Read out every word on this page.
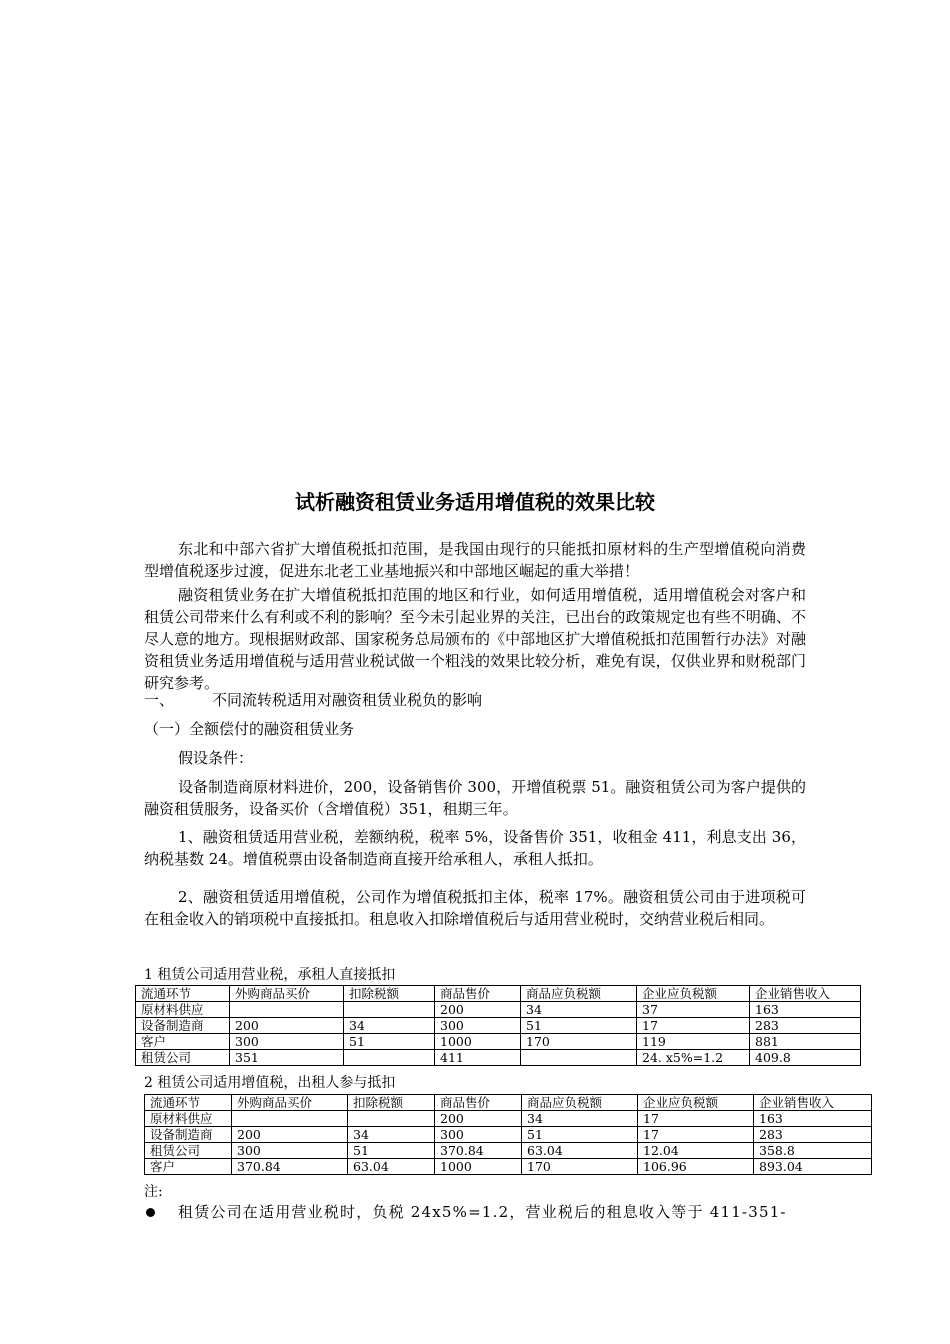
试析融资租赁业务适用增值税的效果比较
东北和中部六省扩大增值税抵扣范围，是我国由现行的只能抵扣原材料的生产型增值税向消费型增值税逐步过渡，促进东北老工业基地振兴和中部地区崛起的重大举措！
融资租赁业务在扩大增值税抵扣范围的地区和行业，如何适用增值税，适用增值税会对客户和租赁公司带来什么有利或不利的影响？至今未引起业界的关注，已出台的政策规定也有些不明确、不尽人意的地方。现根据财政部、国家税务总局颁布的《中部地区扩大增值税抵扣范围暂行办法》对融资租赁业务适用增值税与适用营业税试做一个粗浅的效果比较分析，难免有误，仅供业界和财税部门研究参考。
一、	不同流转税适用对融资租赁业税负的影响
（一）全额偿付的融资租赁业务
假设条件：
设备制造商原材料进价，200，设备销售价 300，开增值税票 51。融资租赁公司为客户提供的融资租赁服务，设备买价（含增值税）351，租期三年。
1、融资租赁适用营业税，差额纳税，税率 5%，设备售价 351，收租金 411，利息支出 36，纳税基数 24。增值税票由设备制造商直接开给承租人，承租人抵扣。
2、融资租赁适用增值税，公司作为增值税抵扣主体，税率 17%。融资租赁公司由于进项税可在租金收入的销项税中直接抵扣。租息收入扣除增值税后与适用营业税时，交纳营业税后相同。
1 租赁公司适用营业税，承租人直接抵扣
流通环节	外购商品买价	扣除税额	商品售价	商品应负税额	企业应负税额	企业销售收入
原材料供应			200	34	37	163
设备制造商	200	34	300	51	17	283
客户	300	51	1000	170	119	881
租赁公司	351		411		24. x5%=1.2	409.8
2 租赁公司适用增值税，出租人参与抵扣
流通环节	外购商品买价	扣除税额	商品售价	商品应负税额	企业应负税额	企业销售收入
原材料供应			200	34	17	163
设备制造商	200	34	300	51	17	283
租赁公司	300	51	370.84	63.04	12.04	358.8
客户	370.84	63.04	1000	170	106.96	893.04
注:
租赁公司在适用营业税时，负税 24x5%=1.2，营业税后的租息收入等于 411-351-
